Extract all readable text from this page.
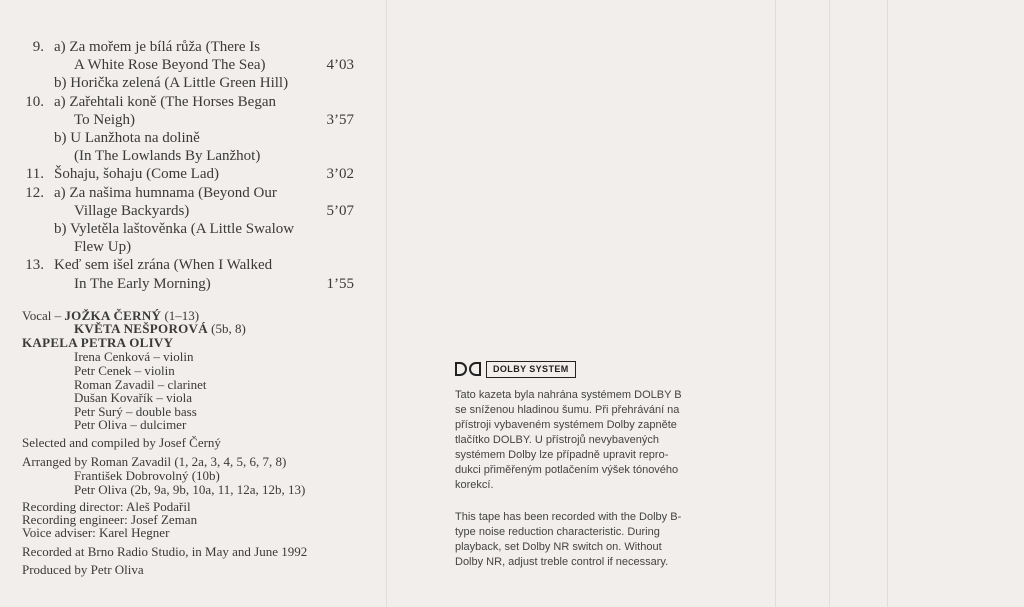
9. a) Za mořem je bílá růža (There Is
A White Rose Beyond The Sea)	4’03
b) Horička zelená (A Little Green Hill)
10. a) Zařehtali koně (The Horses Began
To Neigh)	3’57
b) U Lanžhota na dolině
(In The Lowlands By Lanžhot)
11. Šohaju, šohaju (Come Lad)	3’02
12. a) Za našima humnama (Beyond Our
Village Backyards)	5’07
b) Vyletěla laštověnka (A Little Swalow
Flew Up)
13. Keď sem išel zrána (When I Walked
In The Early Morning)	1’55
Vocal – JOŽKA ČERNÝ (1–13)
KVĚTA NEŠPOROVÁ (5b, 8)
KAPELA PETRA OLIVY
Irena Cenková – violin
Petr Cenek – violin
Roman Zavadil – clarinet
Dušan Kovařík – viola
Petr Surý – double bass
Petr Oliva – dulcimer
Selected and compiled by Josef Černý
Arranged by Roman Zavadil (1, 2a, 3, 4, 5, 6, 7, 8)
František Dobrovolný (10b)
Petr Oliva (2b, 9a, 9b, 10a, 11, 12a, 12b, 13)
Recording director: Aleš Podařil
Recording engineer: Josef Zeman
Voice adviser: Karel Hegner
Recorded at Brno Radio Studio, in May and June 1992
Produced by Petr Oliva
DOLBY SYSTEM
Tato kazeta byla nahrána systémem DOLBY B
se sníženou hladinou šumu. Při přehrávání na
přístroji vybaveném systémem Dolby zapněte
tlačítko DOLBY. U přístrojů nevybavených
systémem Dolby lze případně upravit repro-
dukci přiměřeným potlačením výšek tónového
korekcí.
This tape has been recorded with the Dolby B-
type noise reduction characteristic. During
playback, set Dolby NR switch on. Without
Dolby NR, adjust treble control if necessary.
